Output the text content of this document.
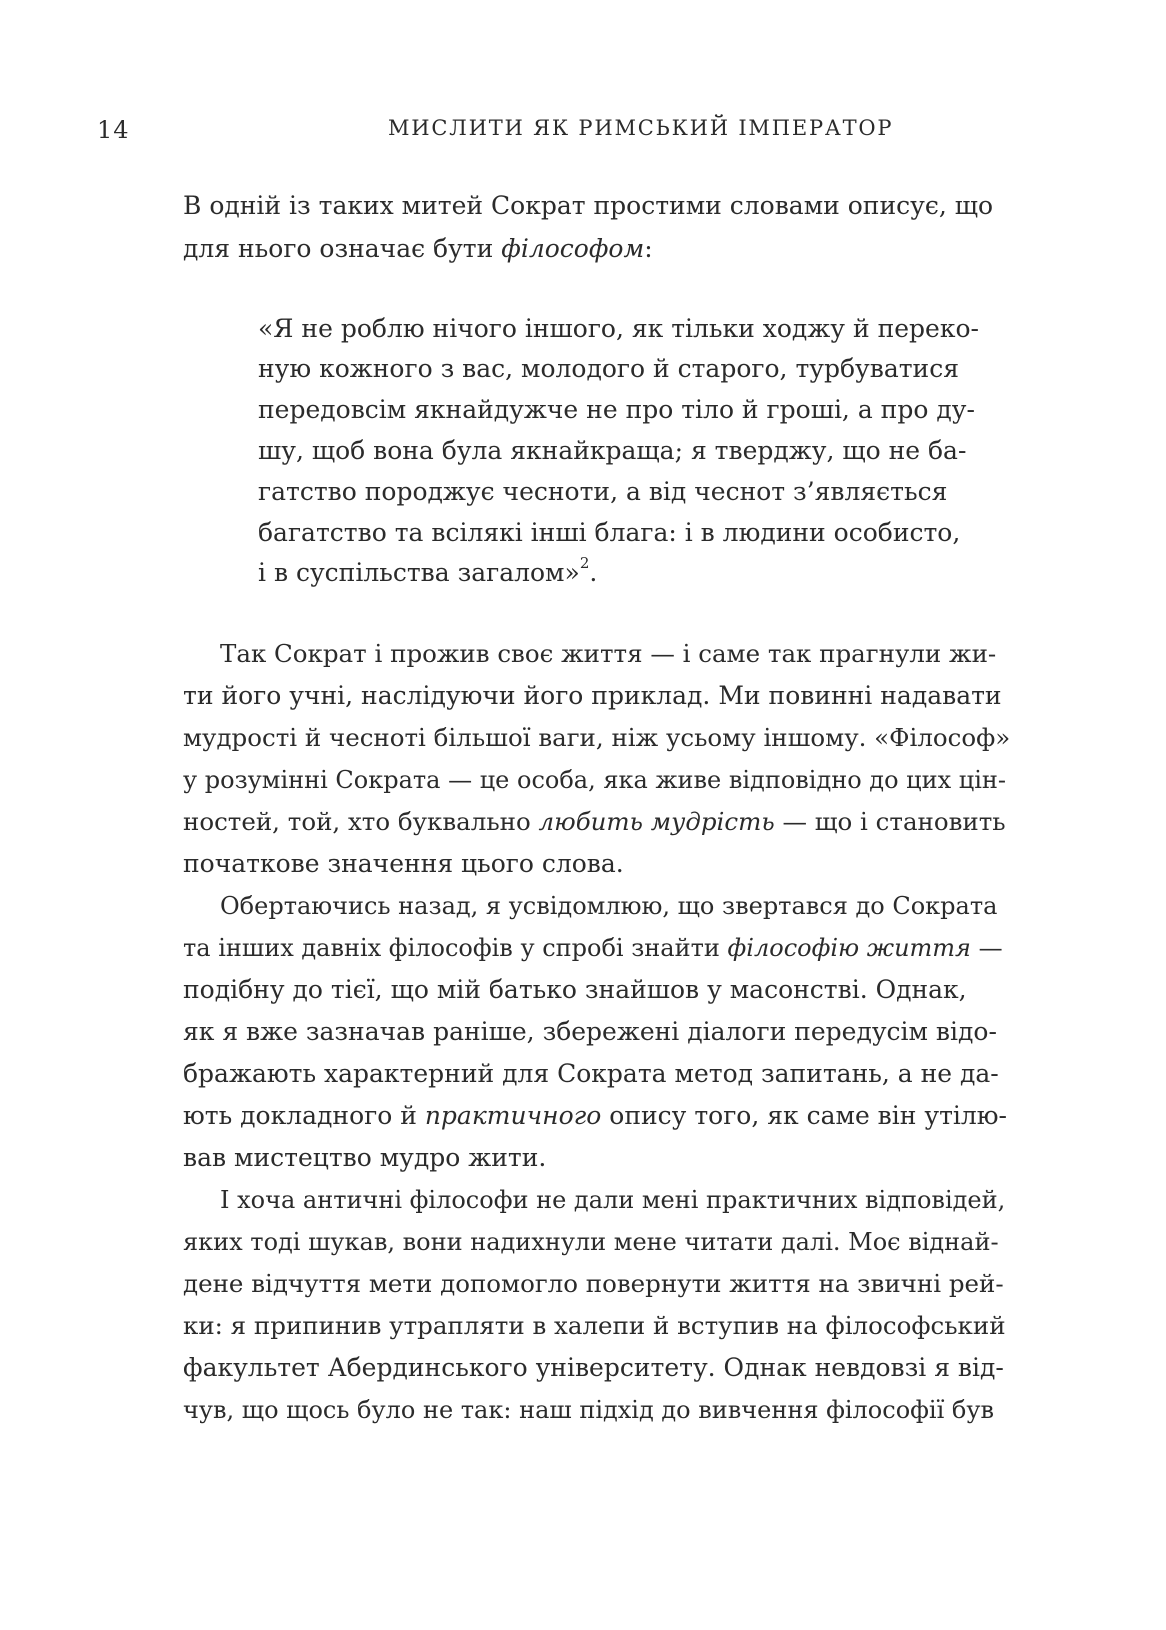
14	МИСЛИТИ ЯК РИМСЬКИЙ ІМПЕРАТОР
В одній із таких митей Сократ простими словами описує, що
для нього означає бути філософом:
«Я не роблю нічого іншого, як тільки ходжу й переко-
ную кожного з вас, молодого й старого, турбуватися
передовсім якнайдужче не про тіло й гроші, а про ду-
шу, щоб вона була якнайкраща; я тверджу, що не ба-
гатство породжує чесноти, а від чеснот з’являється
багатство та всілякі інші блага: і в людини особисто,
і в суспільства загалом»$^2$.
Так Сократ і прожив своє життя — і саме так прагнули жи-
ти його учні, наслідуючи його приклад. Ми повинні надавати
мудрості й чесноті більшої ваги, ніж усьому іншому. «Філософ»
у розумінні Сократа — це особа, яка живе відповідно до цих цін-
ностей, той, хто буквально любить мудрість — що і становить
початкове значення цього слова.
Обертаючись назад, я усвідомлюю, що звертався до Сократа
та інших давніх філософів у спробі знайти філософію життя —
подібну до тієї, що мій батько знайшов у масонстві. Однак,
як я вже зазначав раніше, збережені діалоги передусім відо-
бражають характерний для Сократа метод запитань, а не да-
ють докладного й практичного опису того, як саме він утілю-
вав мистецтво мудро жити.
І хоча античні філософи не дали мені практичних відповідей,
яких тоді шукав, вони надихнули мене читати далі. Моє віднай-
дене відчуття мети допомогло повернути життя на звичні рей-
ки: я припинив утрапляти в халепи й вступив на філософський
факультет Абердинського університету. Однак невдовзі я від-
чув, що щось було не так: наш підхід до вивчення філософії був
